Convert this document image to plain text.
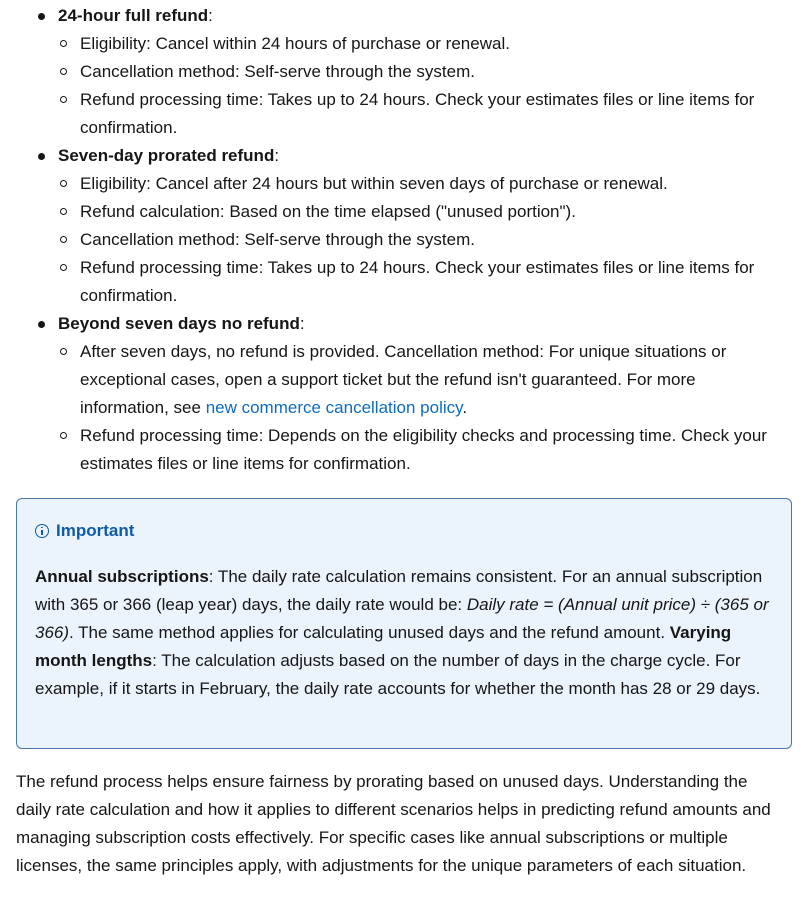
24-hour full refund:
Eligibility: Cancel within 24 hours of purchase or renewal.
Cancellation method: Self-serve through the system.
Refund processing time: Takes up to 24 hours. Check your estimates files or line items for confirmation.
Seven-day prorated refund:
Eligibility: Cancel after 24 hours but within seven days of purchase or renewal.
Refund calculation: Based on the time elapsed ("unused portion").
Cancellation method: Self-serve through the system.
Refund processing time: Takes up to 24 hours. Check your estimates files or line items for confirmation.
Beyond seven days no refund:
After seven days, no refund is provided. Cancellation method: For unique situations or exceptional cases, open a support ticket but the refund isn't guaranteed. For more information, see new commerce cancellation policy.
Refund processing time: Depends on the eligibility checks and processing time. Check your estimates files or line items for confirmation.
Important
Annual subscriptions: The daily rate calculation remains consistent. For an annual subscription with 365 or 366 (leap year) days, the daily rate would be: Daily rate = (Annual unit price) ÷ (365 or 366). The same method applies for calculating unused days and the refund amount. Varying month lengths: The calculation adjusts based on the number of days in the charge cycle. For example, if it starts in February, the daily rate accounts for whether the month has 28 or 29 days.

The refund process helps ensure fairness by prorating based on unused days. Understanding the daily rate calculation and how it applies to different scenarios helps in predicting refund amounts and managing subscription costs effectively. For specific cases like annual subscriptions or multiple licenses, the same principles apply, with adjustments for the unique parameters of each situation.
